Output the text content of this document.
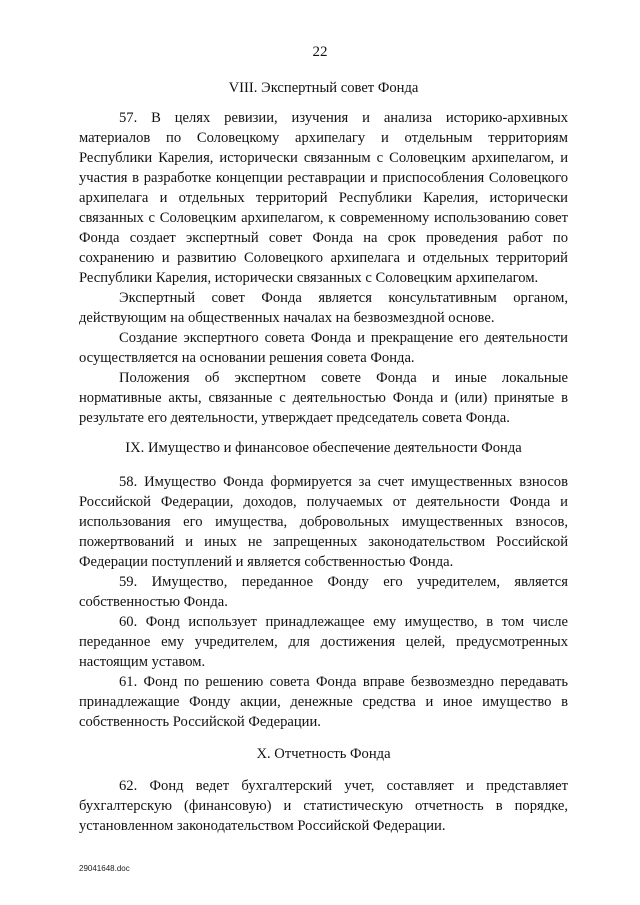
22
VIII. Экспертный совет Фонда

57. В целях ревизии, изучения и анализа историко-архивных материалов по Соловецкому архипелагу и отдельным территориям Республики Карелия, исторически связанным с Соловецким архипелагом, и участия в разработке концепции реставрации и приспособления Соловецкого архипелага и отдельных территорий Республики Карелия, исторически связанных с Соловецким архипелагом, к современному использованию совет Фонда создает экспертный совет Фонда на срок проведения работ по сохранению и развитию Соловецкого архипелага и отдельных территорий Республики Карелия, исторически связанных с Соловецким архипелагом.

Экспертный совет Фонда является консультативным органом, действующим на общественных началах на безвозмездной основе.

Создание экспертного совета Фонда и прекращение его деятельности осуществляется на основании решения совета Фонда.

Положения об экспертном совете Фонда и иные локальные нормативные акты, связанные с деятельностью Фонда и (или) принятые в результате его деятельности, утверждает председатель совета Фонда.

IX. Имущество и финансовое обеспечение деятельности Фонда

58. Имущество Фонда формируется за счет имущественных взносов Российской Федерации, доходов, получаемых от деятельности Фонда и использования его имущества, добровольных имущественных взносов, пожертвований и иных не запрещенных законодательством Российской Федерации поступлений и является собственностью Фонда.

59. Имущество, переданное Фонду его учредителем, является собственностью Фонда.

60. Фонд использует принадлежащее ему имущество, в том числе переданное ему учредителем, для достижения целей, предусмотренных настоящим уставом.

61. Фонд по решению совета Фонда вправе безвозмездно передавать принадлежащие Фонду акции, денежные средства и иное имущество в собственность Российской Федерации.

X. Отчетность Фонда

62. Фонд ведет бухгалтерский учет, составляет и представляет бухгалтерскую (финансовую) и статистическую отчетность в порядке, установленном законодательством Российской Федерации.

29041648.doc
